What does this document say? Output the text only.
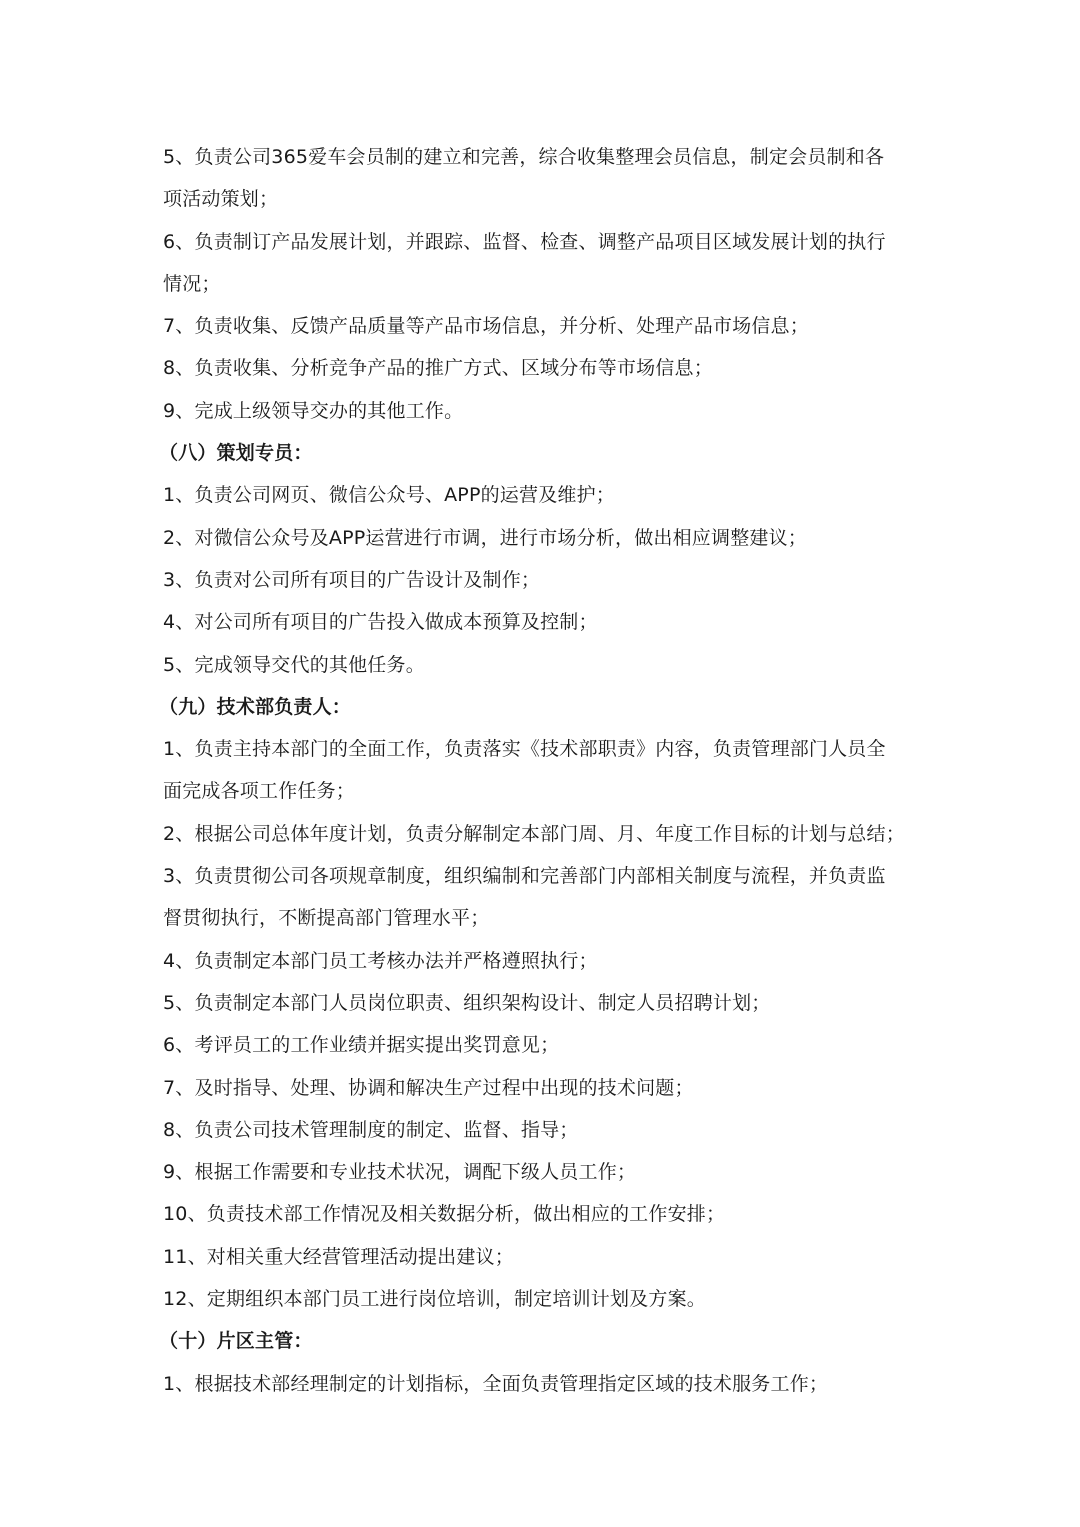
5、负责公司365爱车会员制的建立和完善，综合收集整理会员信息，制定会员制和各
项活动策划；
6、负责制订产品发展计划，并跟踪、监督、检查、调整产品项目区域发展计划的执行
情况；
7、负责收集、反馈产品质量等产品市场信息，并分析、处理产品市场信息；
8、负责收集、分析竞争产品的推广方式、区域分布等市场信息；
9、完成上级领导交办的其他工作。
（八）策划专员：
1、负责公司网页、微信公众号、APP的运营及维护；
2、对微信公众号及APP运营进行市调，进行市场分析，做出相应调整建议；
3、负责对公司所有项目的广告设计及制作；
4、对公司所有项目的广告投入做成本预算及控制；
5、完成领导交代的其他任务。
（九）技术部负责人：
1、负责主持本部门的全面工作，负责落实《技术部职责》内容，负责管理部门人员全
面完成各项工作任务；
2、根据公司总体年度计划，负责分解制定本部门周、月、年度工作目标的计划与总结；
3、负责贯彻公司各项规章制度，组织编制和完善部门内部相关制度与流程，并负责监
督贯彻执行，不断提高部门管理水平；
4、负责制定本部门员工考核办法并严格遵照执行；
5、负责制定本部门人员岗位职责、组织架构设计、制定人员招聘计划；
6、考评员工的工作业绩并据实提出奖罚意见；
7、及时指导、处理、协调和解决生产过程中出现的技术问题；
8、负责公司技术管理制度的制定、监督、指导；
9、根据工作需要和专业技术状况，调配下级人员工作；
10、负责技术部工作情况及相关数据分析，做出相应的工作安排；
11、对相关重大经营管理活动提出建议；
12、定期组织本部门员工进行岗位培训，制定培训计划及方案。
（十）片区主管：
1、根据技术部经理制定的计划指标，全面负责管理指定区域的技术服务工作；
